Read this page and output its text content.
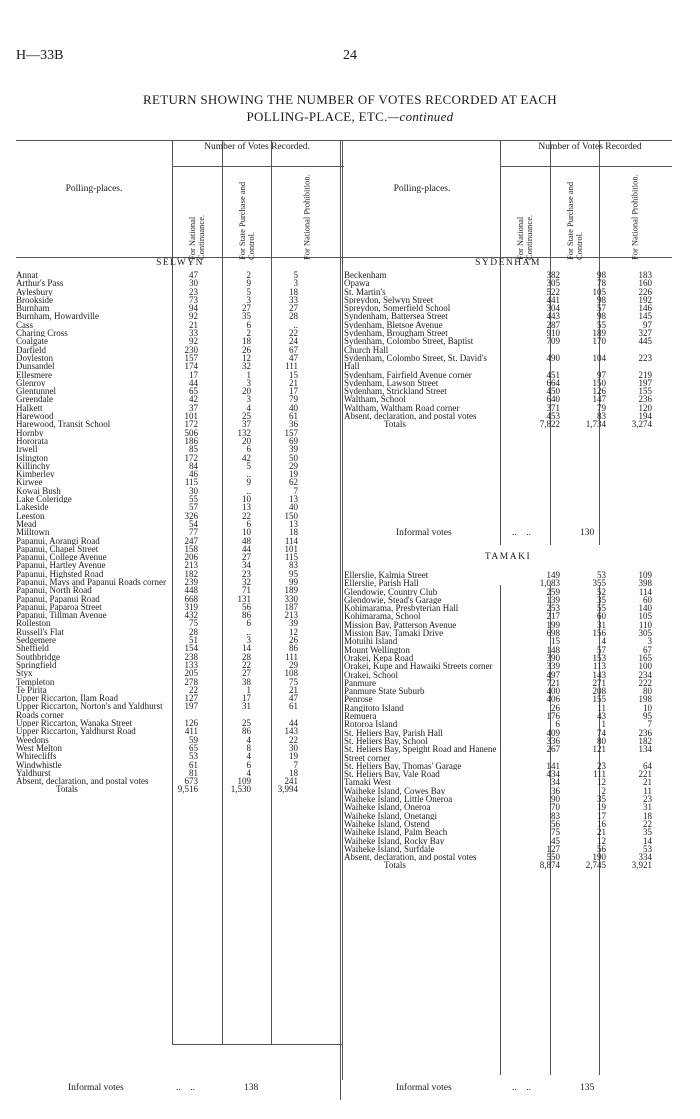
H—33B	24
RETURN SHOWING THE NUMBER OF VOTES RECORDED AT EACH
POLLING-PLACE, ETC.—continued
Number of Votes Recorded.
Polling-places.
For National Continuance.	For State Purchase and Control.	For National Prohibition.
SELWYN
Annat	47	2	5
Arthur's Pass	30	9	3
Aylesbury	23	5	18
Brookside	73	3	33
Burnham	94	27	27
Burnham, Howardville	92	35	28
Cass	21	6	..
Charing Cross	33	2	22
Coalgate	92	18	24
Darfield	230	26	67
Doyleston	157	12	47
Dunsandel	174	32	111
Ellesmere	17	1	15
Glenroy	44	3	21
Glentunnel	65	20	17
Greendale	42	3	79
Halkett	37	4	40
Harewood	101	25	61
Harewood, Transit School	172	37	36
Hornby	506	132	157
Hororata	186	20	69
Irwell	85	6	39
Islington	172	42	50
Killinchy	84	5	29
Kimberley	46	..	19
Kirwee	115	9	62
Kowai Bush	30	..	7
Lake Coleridge	55	10	13
Lakeside	57	13	40
Leeston	326	22	150
Mead	54	6	13
Milltown	77	10	18
Papanui, Aorangi Road	247	48	114
Papanui, Chapel Street	158	44	101
Papanui, College Avenue	206	27	115
Papanui, Hartley Avenue	213	34	83
Papanui, Highsted Road	182	23	95
Papanui, Mays and Papanui Roads corner	239	32	99
Papanui, North Road	448	71	189
Papanui, Papanui Road	668	131	330
Papanui, Paparoa Street	319	56	187
Papanui, Tillman Avenue	432	86	213
Rolleston	75	6	39
Russell's Flat	28	..	12
Sedgemere	51	3	26
Sheffield	154	14	86
Southbridge	238	28	111
Springfield	133	22	29
Styx	205	27	108
Templeton	278	38	75
Te Pirita	22	1	21
Upper Riccarton, Ilam Road	127	17	47
Upper Riccarton, Norton's and Yaldhurst Roads corner
197	31	61
Upper Riccarton, Wanaka Street	126	25	44
Upper Riccarton, Yaldhurst Road	411	86	143
Weedons	59	4	22
West Melton	65	8	30
Whitecliffs	53	4	19
Windwhistle	61	6	7
Yaldhurst	81	4	18
Absent, declaration, and postal votes	673	109	241
Totals	9,516	1,530	3,994
Informal votes	..    ..	138
Number of Votes Recorded
Polling-places.
For National Continuance.	For State Purchase and Control.	For National Prohibition.
SYDENHAM
Beckenham	382	98	183
Opawa	305	78	160
St. Martin's	522	105	226
Spreydon, Selwyn Street	441	98	192
Spreydon, Somerfield School	304	57	146
Syndenham, Battersea Street	443	98	145
Sydenham, Bletsoe Avenue	287	55	97
Sydenham, Brougham Street	910	189	327
Sydenham, Colombo Street, Baptist Church Hall
709	170	445
Sydenham, Colombo Street, St. David's Hall
490	104	223
Sydenham, Fairfield Avenue corner	451	97	219
Sydenham, Lawson Street	664	150	197
Sydenham, Strickland Street	450	126	155
Waltham, School	640	147	236
Waltham, Waltham Road corner	371	79	120
Absent, declaration, and postal votes	453	83	194
Totals	7,822	1,734	3,274
Informal votes	..    ..	130
TAMAKI
Ellerslie, Kalmia Street	149	53	109
Ellerslie, Parish Hall	1,083	355	398
Glendowie, Country Club	259	52	114
Glendowie, Stead's Garage	139	35	60
Kohimarama, Presbyterian Hall	253	55	140
Kohimarama, School	217	60	105
Mission Bay, Patterson Avenue	199	31	110
Mission Bay, Tamaki Drive	698	156	305
Motuihi Island	15	4	3
Mount Wellington	148	57	67
Orakei, Kepa Road	390	153	165
Orakei, Kupe and Hawaiki Streets corner	339	113	100
Orakei, School	497	143	234
Panmure	721	271	222
Panmure State Suburb	400	208	80
Penrose	406	155	198
Rangitoto Island	26	11	10
Remuera	176	43	95
Rotoroa Island	6	1	7
St. Heliers Bay, Parish Hall	409	74	236
St. Heliers Bay, School	336	80	182
St. Heliers Bay, Speight Road and Hanene Street corner
267	121	134
St. Heliers Bay, Thomas' Garage	141	23	64
St. Heliers Bay, Vale Road	434	111	221
Tamaki West	34	12	21
Waiheke Island, Cowes Bay	36	2	11
Waiheke Island, Little Oneroa	90	35	23
Waiheke Island, Oneroa	70	19	31
Waiheke Island, Onetangi	83	17	18
Waiheke Island, Ostend	56	16	22
Waiheke Island, Palm Beach	75	21	35
Waiheke Island, Rocky Bay	45	12	14
Waiheke Island, Surfdale	127	56	53
Absent, declaration, and postal votes	550	190	334
Totals	8,874	2,745	3,921
Informal votes	..    ..	135
